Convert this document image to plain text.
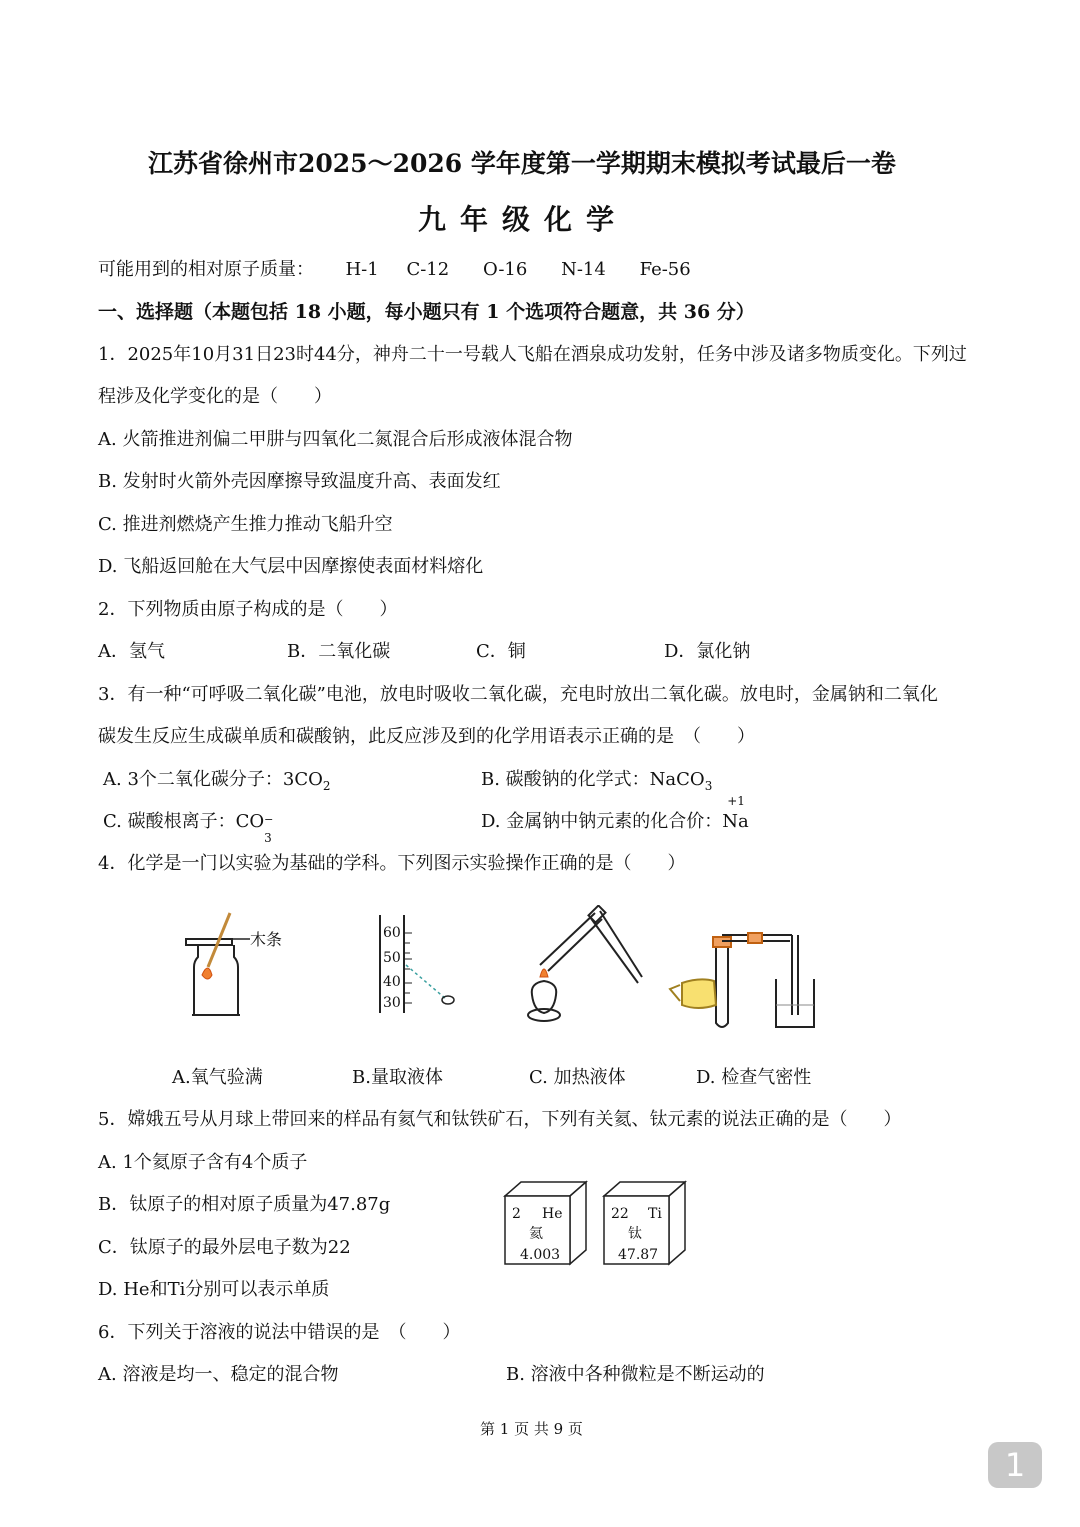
江苏省徐州市2025～2026 学年度第一学期期末模拟考试最后一卷
九年级化学
可能用到的相对原子质量： H-1 C-12 O-16 N-14 Fe-56
一、选择题（本题包括 18 小题，每小题只有 1 个选项符合题意，共 36 分）
1．2025年10月31日23时44分，神舟二十一号载人飞船在酒泉成功发射，任务中涉及诸多物质变化。下列过
程涉及化学变化的是（　　）
A. 火箭推进剂偏二甲肼与四氧化二氮混合后形成液体混合物
B. 发射时火箭外壳因摩擦导致温度升高、表面发红
C. 推进剂燃烧产生推力推动飞船升空
D. 飞船返回舱在大气层中因摩擦使表面材料熔化
2．下列物质由原子构成的是（　　）
A．氢气	B．二氧化碳	C．铜	D．氯化钠
3．有一种“可呼吸二氧化碳”电池，放电时吸收二氧化碳，充电时放出二氧化碳。放电时，金属钠和二氧化
碳发生反应生成碳单质和碳酸钠，此反应涉及到的化学用语表示正确的是　（　　）
A. 3个二氧化碳分子：$3CO_2$	B. 碳酸钠的化学式：NaCO$_3$
C. 碳酸根离子：CO −
3
D. 金属钠中钠元素的化合价：
+1
Na
4．化学是一门以实验为基础的学科。下列图示实验操作正确的是（　　）
木条	60
50
40
30
A.氧气验满	B.量取液体	C. 加热液体	D. 检查气密性
5．嫦娥五号从月球上带回来的样品有氦气和钛铁矿石，下列有关氦、钛元素的说法正确的是（　　）
A. 1个氦原子含有4个质子
B．钛原子的相对原子质量为47.87g
C．钛原子的最外层电子数为22
D. He和Ti分别可以表示单质
2 He
氦
4.003
22 Ti
钛
47.87
6．下列关于溶液的说法中错误的是　（　　）
A. 溶液是均一、稳定的混合物	B. 溶液中各种微粒是不断运动的
第 1 页 共 9 页
1
